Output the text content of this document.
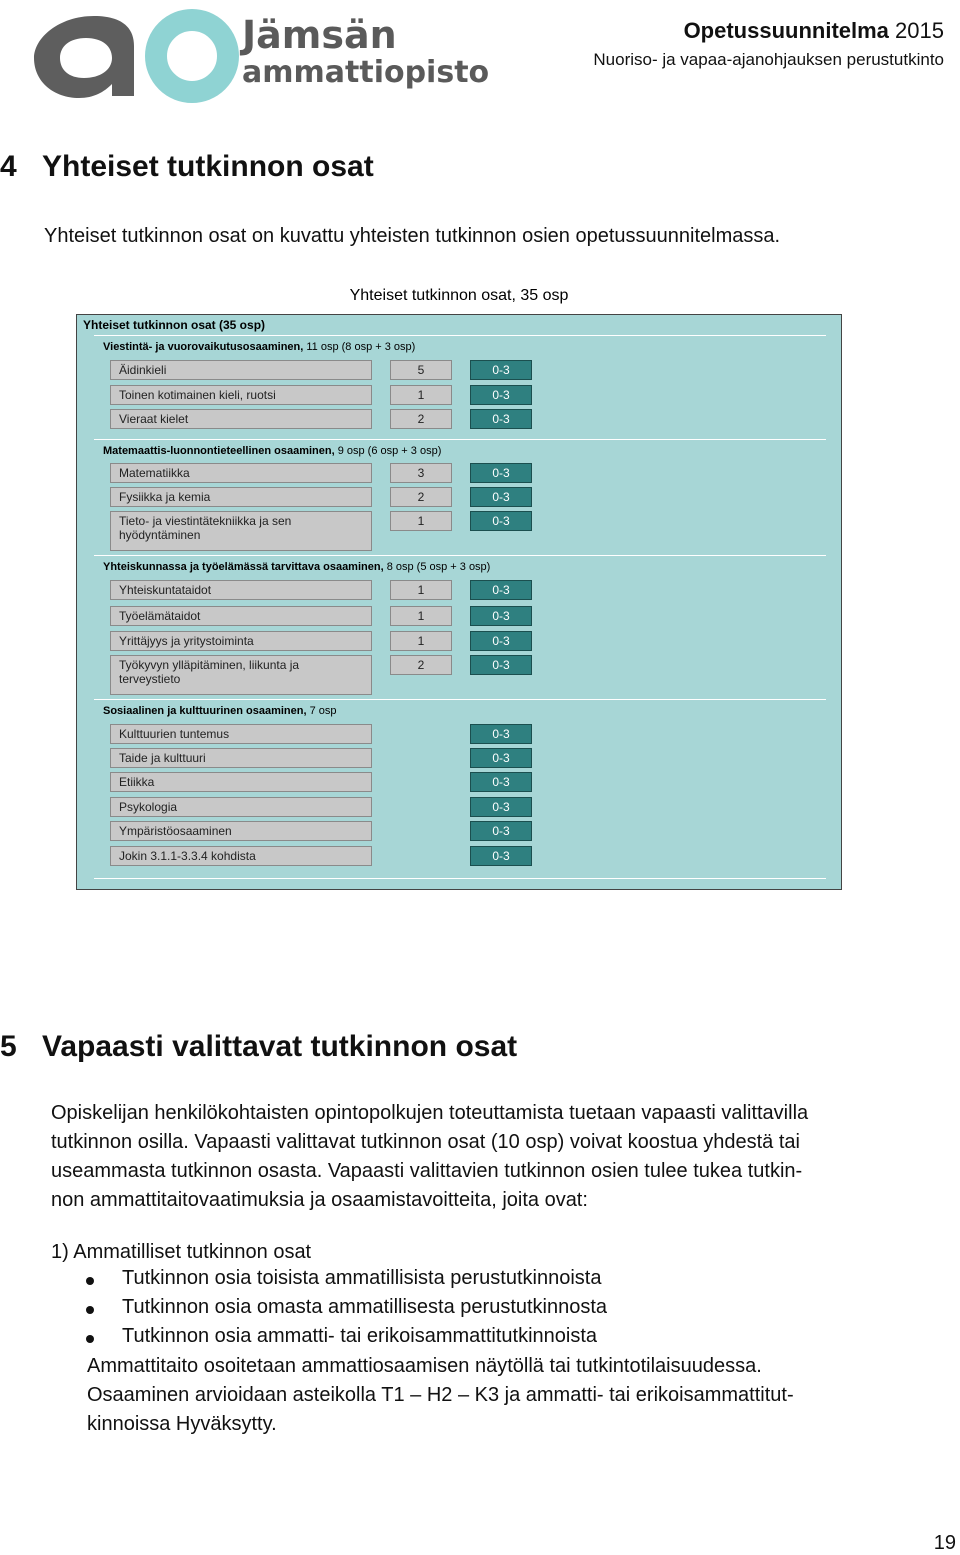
Jämsän
ammattiopisto
Opetussuunnitelma 2015
Nuoriso- ja vapaa-ajanohjauksen perustutkinto
4 Yhteiset tutkinnon osat
Yhteiset tutkinnon osat on kuvattu yhteisten tutkinnon osien opetussuunnitelmassa.
Yhteiset tutkinnon osat, 35 osp
Yhteiset tutkinnon osat (35 osp)
Viestintä- ja vuorovaikutusosaaminen, 11 osp (8 osp + 3 osp)
Äidinkieli	5	0-3
Toinen kotimainen kieli, ruotsi	1	0-3
Vieraat kielet	2	0-3
Matemaattis-luonnontieteellinen osaaminen, 9 osp (6 osp + 3 osp)
Matematiikka	3	0-3
Fysiikka ja kemia	2	0-3
Tieto- ja viestintätekniikka ja sen hyödyntäminen
1	0-3
Yhteiskunnassa ja työelämässä tarvittava osaaminen, 8 osp (5 osp + 3 osp)
Yhteiskuntataidot	1	0-3
Työelämätaidot	1	0-3
Yrittäjyys ja yritystoiminta	1	0-3
Työkyvyn ylläpitäminen, liikunta ja terveystieto
2	0-3
Sosiaalinen ja kulttuurinen osaaminen, 7 osp
Kulttuurien tuntemus	0-3
Taide ja kulttuuri	0-3
Etiikka	0-3
Psykologia	0-3
Ympäristöosaaminen	0-3
Jokin 3.1.1-3.3.4 kohdista	0-3
5 Vapaasti valittavat tutkinnon osat
Opiskelijan henkilökohtaisten opintopolkujen toteuttamista tuetaan vapaasti valittavilla
tutkinnon osilla. Vapaasti valittavat tutkinnon osat (10 osp) voivat koostua yhdestä tai
useammasta tutkinnon osasta. Vapaasti valittavien tutkinnon osien tulee tukea tutkin-
non ammattitaitovaatimuksia ja osaamistavoitteita, joita ovat:
1) Ammatilliset tutkinnon osat
Tutkinnon osia toisista ammatillisista perustutkinnoista
Tutkinnon osia omasta ammatillisesta perustutkinnosta
Tutkinnon osia ammatti- tai erikoisammattitutkinnoista
Ammattitaito osoitetaan ammattiosaamisen näytöllä tai tutkintotilaisuudessa.
Osaaminen arvioidaan asteikolla T1 – H2 – K3 ja ammatti- tai erikoisammattitut-
kinnoissa Hyväksytty.
19
